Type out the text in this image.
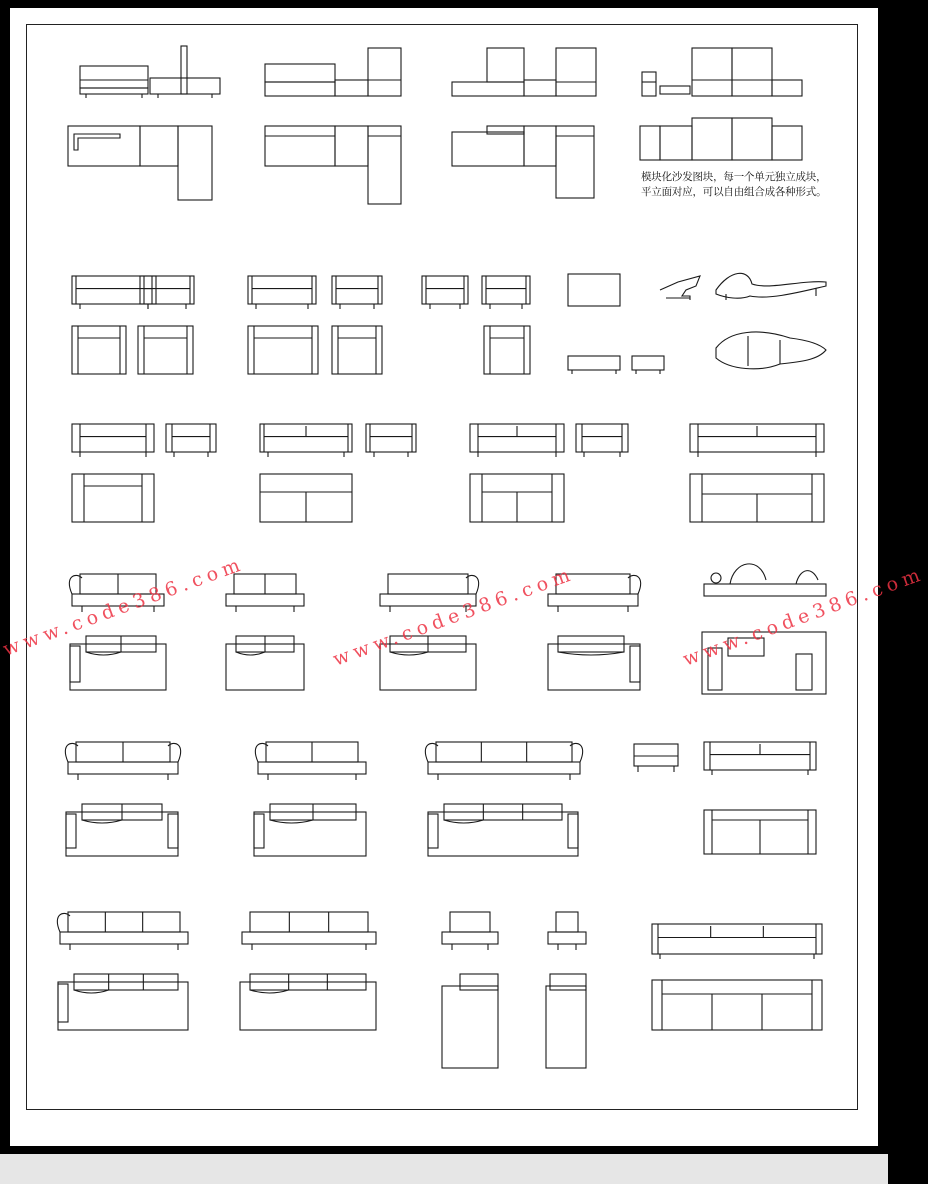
模块化沙发图块，每一个单元独立成块，
平立面对应，可以自由组合成各种形式。
www.code386.com	www.code386.com	www.code386.com
